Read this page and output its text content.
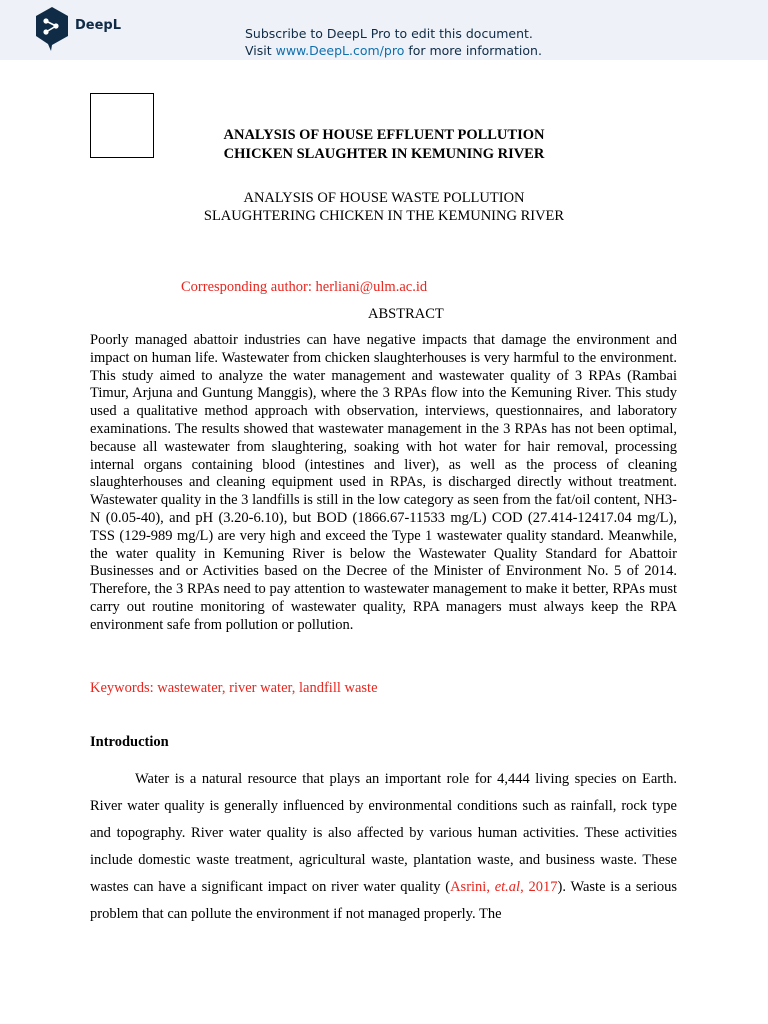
DeepL
Subscribe to DeepL Pro to edit this document.
Visit www.DeepL.com/pro for more information.
ANALYSIS OF HOUSE EFFLUENT POLLUTION
CHICKEN SLAUGHTER IN KEMUNING RIVER
ANALYSIS OF HOUSE WASTE POLLUTION
SLAUGHTERING CHICKEN IN THE KEMUNING RIVER
Corresponding author: herliani@ulm.ac.id
ABSTRACT
Poorly managed abattoir industries can have negative impacts that damage the environment and impact on human life. Wastewater from chicken slaughterhouses is very harmful to the environment. This study aimed to analyze the water management and wastewater quality of 3 RPAs (Rambai Timur, Arjuna and Guntung Manggis), where the 3 RPAs flow into the Kemuning River. This study used a qualitative method approach with observation, interviews, questionnaires, and laboratory examinations. The results showed that wastewater management in the 3 RPAs has not been optimal, because all wastewater from slaughtering, soaking with hot water for hair removal, processing internal organs containing blood (intestines and liver), as well as the process of cleaning slaughterhouses and cleaning equipment used in RPAs, is discharged directly without treatment. Wastewater quality in the 3 landfills is still in the low category as seen from the fat/oil content, NH3-N (0.05-40), and pH (3.20-6.10), but BOD (1866.67-11533 mg/L) COD (27.414-12417.04 mg/L), TSS (129-989 mg/L) are very high and exceed the Type 1 wastewater quality standard. Meanwhile, the water quality in Kemuning River is below the Wastewater Quality Standard for Abattoir Businesses and or Activities based on the Decree of the Minister of Environment No. 5 of 2014. Therefore, the 3 RPAs need to pay attention to wastewater management to make it better, RPAs must carry out routine monitoring of wastewater quality, RPA managers must always keep the RPA environment safe from pollution or pollution.
Keywords: wastewater, river water, landfill waste
Introduction
Water is a natural resource that plays an important role for 4,444 living species on Earth. River water quality is generally influenced by environmental conditions such as rainfall, rock type and topography. River water quality is also affected by various human activities. These activities include domestic waste treatment, agricultural waste, plantation waste, and business waste. These wastes can have a significant impact on river water quality (Asrini, et.al, 2017). Waste is a serious problem that can pollute the environment if not managed properly. The
